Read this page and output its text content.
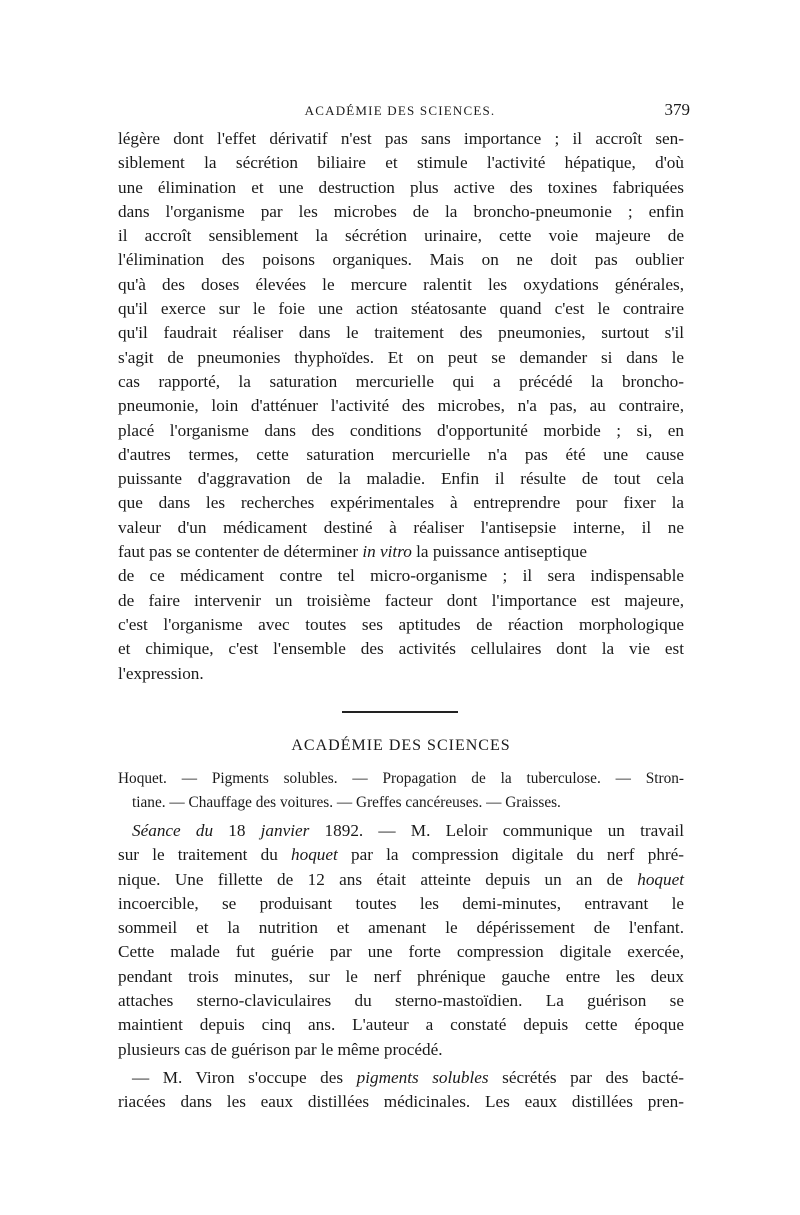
ACADÉMIE DES SCIENCES.	379
légère dont l'effet dérivatif n'est pas sans importance ; il accroît sen-
siblement la sécrétion biliaire et stimule l'activité hépatique, d'où
une élimination et une destruction plus active des toxines fabriquées
dans l'organisme par les microbes de la broncho-pneumonie ; enfin
il accroît sensiblement la sécrétion urinaire, cette voie majeure de
l'élimination des poisons organiques. Mais on ne doit pas oublier
qu'à des doses élevées le mercure ralentit les oxydations générales,
qu'il exerce sur le foie une action stéatosante quand c'est le contraire
qu'il faudrait réaliser dans le traitement des pneumonies, surtout s'il
s'agit de pneumonies thyphoïdes. Et on peut se demander si dans le
cas rapporté, la saturation mercurielle qui a précédé la broncho-
pneumonie, loin d'atténuer l'activité des microbes, n'a pas, au contraire,
placé l'organisme dans des conditions d'opportunité morbide ; si, en
d'autres termes, cette saturation mercurielle n'a pas été une cause
puissante d'aggravation de la maladie. Enfin il résulte de tout cela
que dans les recherches expérimentales à entreprendre pour fixer la
valeur d'un médicament destiné à réaliser l'antisepsie interne, il ne
faut pas se contenter de déterminer in vitro la puissance antiseptique
de ce médicament contre tel micro-organisme ; il sera indispensable
de faire intervenir un troisième facteur dont l'importance est majeure,
c'est l'organisme avec toutes ses aptitudes de réaction morphologique
et chimique, c'est l'ensemble des activités cellulaires dont la vie est
l'expression.
ACADÉMIE DES SCIENCES
Hoquet. — Pigments solubles. — Propagation de la tuberculose. — Stron-
tiane. — Chauffage des voitures. — Greffes cancéreuses. — Graisses.
Séance du 18 janvier 1892. — M. Leloir communique un travail
sur le traitement du hoquet par la compression digitale du nerf phré-
nique. Une fillette de 12 ans était atteinte depuis un an de hoquet
incoercible, se produisant toutes les demi-minutes, entravant le
sommeil et la nutrition et amenant le dépérissement de l'enfant.
Cette malade fut guérie par une forte compression digitale exercée,
pendant trois minutes, sur le nerf phrénique gauche entre les deux
attaches sterno-claviculaires du sterno-mastoïdien. La guérison se
maintient depuis cinq ans. L'auteur a constaté depuis cette époque
plusieurs cas de guérison par le même procédé.
— M. Viron s'occupe des pigments solubles sécrétés par des bacté-
riacées dans les eaux distillées médicinales. Les eaux distillées pren-
